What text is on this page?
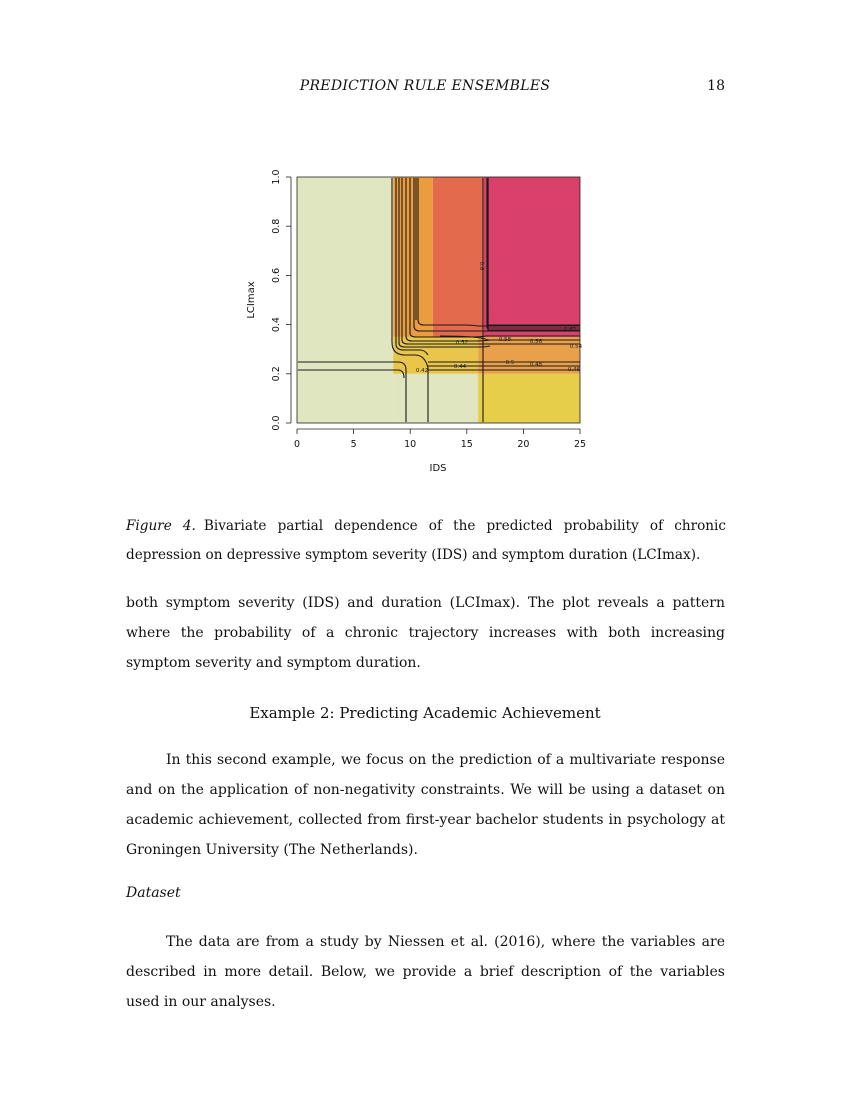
PREDICTION RULE ENSEMBLES	18
0.42
0.44	0.46
0.48
0.5
0.52
0.54
0.56
0.58
0.6
0.62
0	5	10	15	20	25
0.0
0.2
0.4
0.6
0.8
1.0
IDS
LCImax
Figure 4. Bivariate partial dependence of the predicted probability of chronic depression on depressive symptom severity (IDS) and symptom duration (LCImax).
both symptom severity (IDS) and duration (LCImax). The plot reveals a pattern where the probability of a chronic trajectory increases with both increasing symptom severity and symptom duration.
Example 2: Predicting Academic Achievement
In this second example, we focus on the prediction of a multivariate response and on the application of non-negativity constraints. We will be using a dataset on academic achievement, collected from first-year bachelor students in psychology at Groningen University (The Netherlands).
Dataset
The data are from a study by Niessen et al. (2016), where the variables are described in more detail. Below, we provide a brief description of the variables used in our analyses.
